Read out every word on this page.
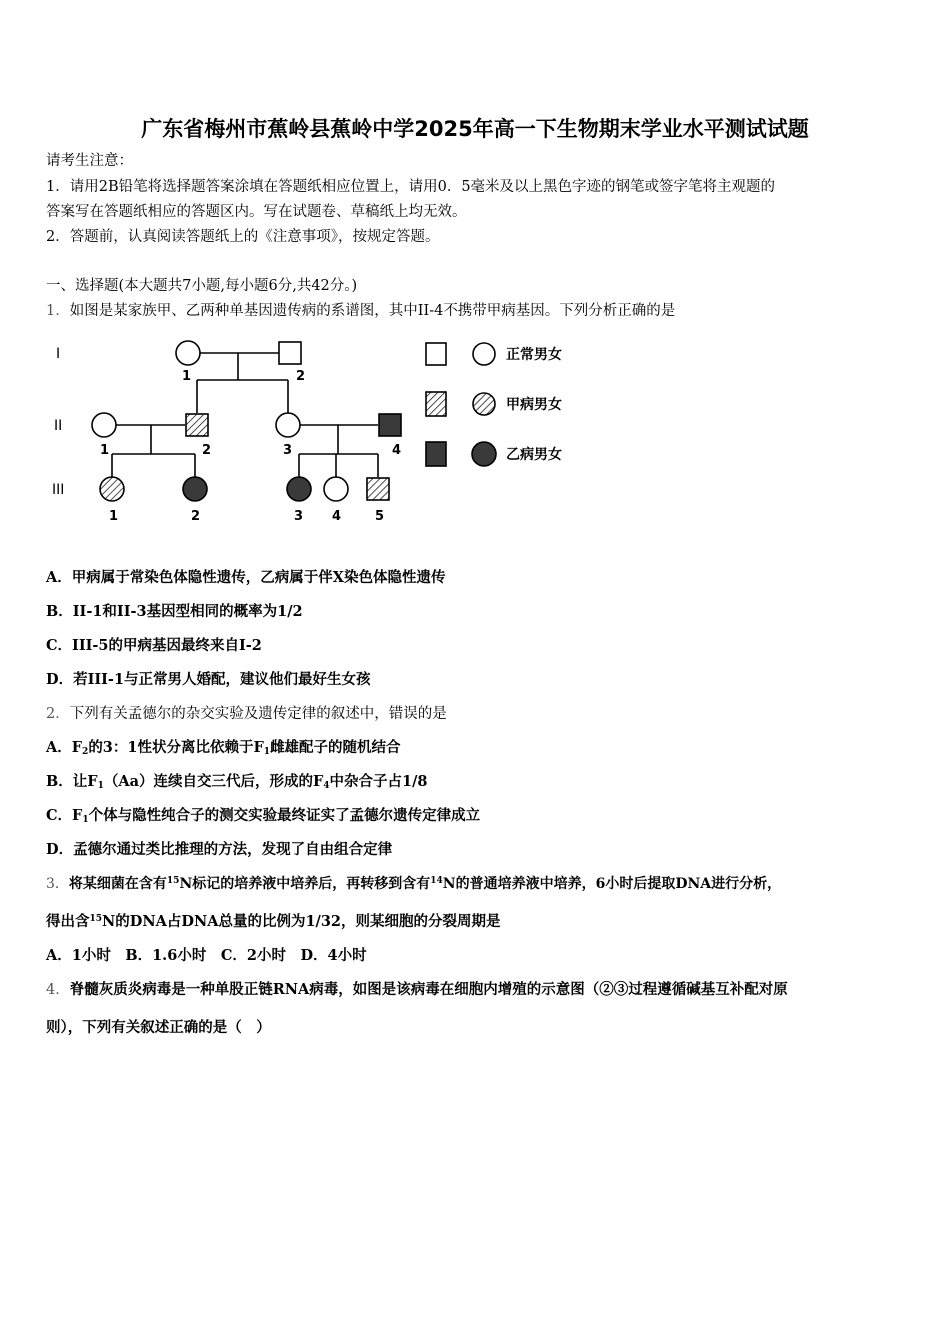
广东省梅州市蕉岭县蕉岭中学2025年高一下生物期末学业水平测试试题
请考生注意：
1．请用2B铅笔将选择题答案涂填在答题纸相应位置上，请用0．5毫米及以上黑色字迹的钢笔或签字笔将主观题的
答案写在答题纸相应的答题区内。写在试题卷、草稿纸上均无效。
2．答题前，认真阅读答题纸上的《注意事项》，按规定答题。
一、选择题(本大题共7小题,每小题6分,共42分。)
1．如图是某家族甲、乙两种单基因遗传病的系谱图，其中II-4不携带甲病基因。下列分析正确的是
I
II
III
1	2
1	2	3	4
1	2	3 4	5
正常男女
甲病男女
乙病男女
A．甲病属于常染色体隐性遗传，乙病属于伴X染色体隐性遗传
B．II-1和II-3基因型相同的概率为1/2
C．III-5的甲病基因最终来自I-2
D．若III-1与正常男人婚配，建议他们最好生女孩
2．下列有关孟德尔的杂交实验及遗传定律的叙述中，错误的是
A．$F_2$的3：1性状分离比依赖于$F_1$雌雄配子的随机结合
B．让$F_1(Aa)$连续自交三代后，形成的$F_4$中杂合子占1/8
C．$F_1$个体与隐性纯合子的测交实验最终证实了孟德尔遗传定律成立
D．孟德尔通过类比推理的方法，发现了自由组合定律
3．将某细菌在含有$^{15}$N标记的培养液中培养后，再转移到含有$^{14}$N的普通培养液中培养，6小时后提取DNA进行分析，
得出含$^{15}$N的DNA占DNA总量的比例为1/32，则某细胞的分裂周期是
A．1小时　B．1.6小时　C．2小时　D．4小时
4．脊髓灰质炎病毒是一种单股正链RNA病毒，如图是该病毒在细胞内增殖的示意图（②③过程遵循碱基互补配对原
则），下列有关叙述正确的是（　）
